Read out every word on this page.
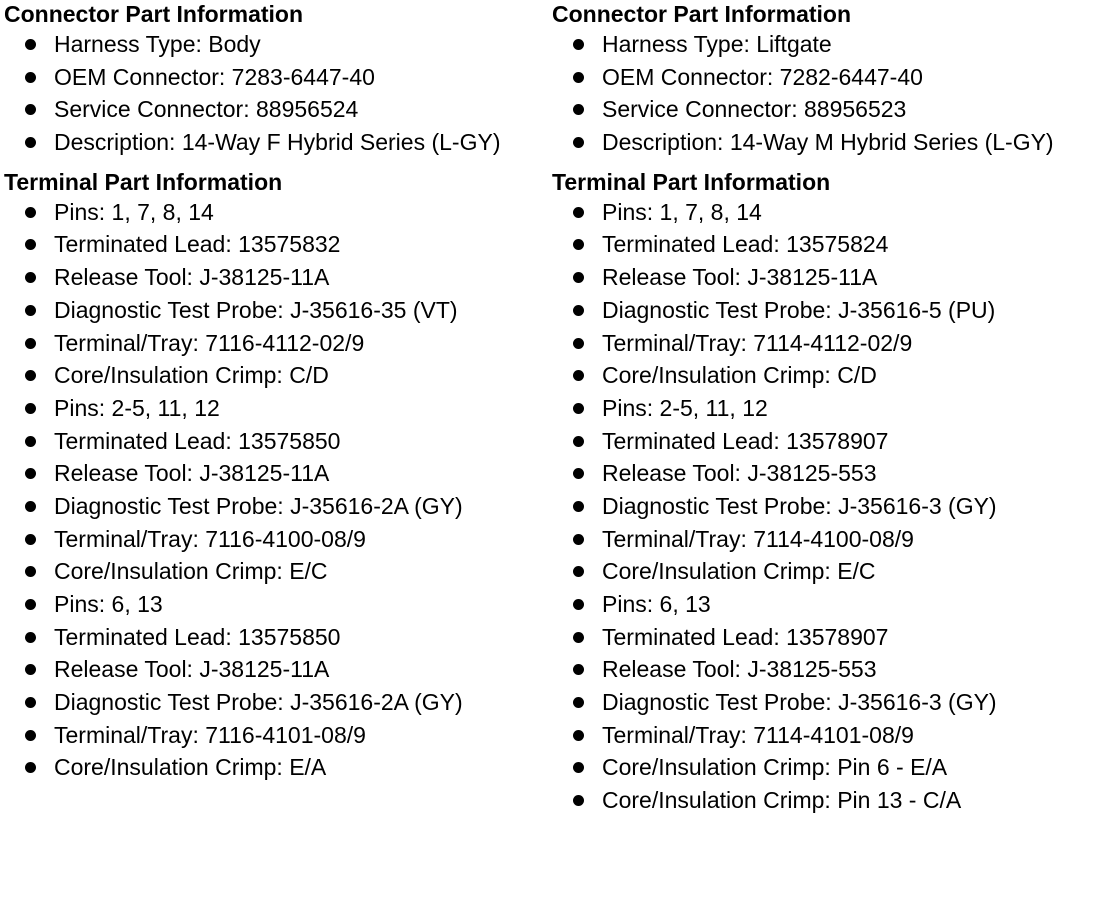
Connector Part Information
Harness Type: Body
OEM Connector: 7283-6447-40
Service Connector: 88956524
Description: 14-Way F Hybrid Series (L-GY)
Terminal Part Information
Pins: 1, 7, 8, 14
Terminated Lead: 13575832
Release Tool: J-38125-11A
Diagnostic Test Probe: J-35616-35 (VT)
Terminal/Tray: 7116-4112-02/9
Core/Insulation Crimp: C/D
Pins: 2-5, 11, 12
Terminated Lead: 13575850
Release Tool: J-38125-11A
Diagnostic Test Probe: J-35616-2A (GY)
Terminal/Tray: 7116-4100-08/9
Core/Insulation Crimp: E/C
Pins: 6, 13
Terminated Lead: 13575850
Release Tool: J-38125-11A
Diagnostic Test Probe: J-35616-2A (GY)
Terminal/Tray: 7116-4101-08/9
Core/Insulation Crimp: E/A
Connector Part Information
Harness Type: Liftgate
OEM Connector: 7282-6447-40
Service Connector: 88956523
Description: 14-Way M Hybrid Series (L-GY)
Terminal Part Information
Pins: 1, 7, 8, 14
Terminated Lead: 13575824
Release Tool: J-38125-11A
Diagnostic Test Probe: J-35616-5 (PU)
Terminal/Tray: 7114-4112-02/9
Core/Insulation Crimp: C/D
Pins: 2-5, 11, 12
Terminated Lead: 13578907
Release Tool: J-38125-553
Diagnostic Test Probe: J-35616-3 (GY)
Terminal/Tray: 7114-4100-08/9
Core/Insulation Crimp: E/C
Pins: 6, 13
Terminated Lead: 13578907
Release Tool: J-38125-553
Diagnostic Test Probe: J-35616-3 (GY)
Terminal/Tray: 7114-4101-08/9
Core/Insulation Crimp: Pin 6 - E/A
Core/Insulation Crimp: Pin 13 - C/A
